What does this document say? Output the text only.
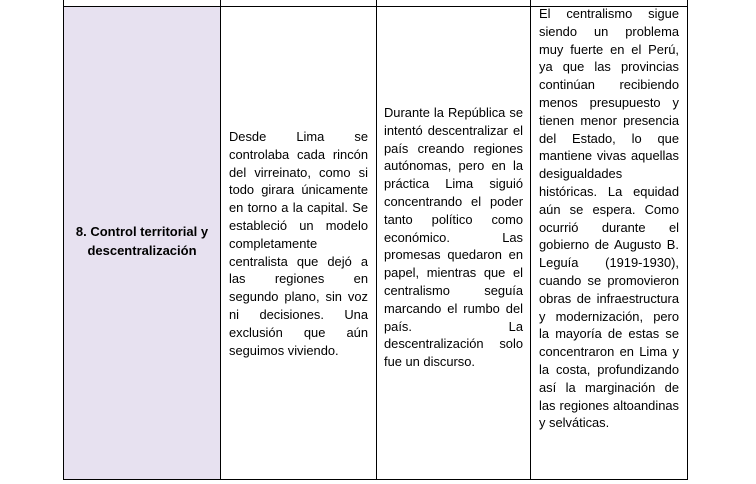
8. Control territorial y descentralización
Desde Lima se controlaba cada rincón del virreinato, como si todo girara únicamente en torno a la capital. Se estableció un modelo completamente centralista que dejó a las regiones en segundo plano, sin voz ni decisiones. Una exclusión que aún seguimos viviendo.
Durante la República se intentó descentralizar el país creando regiones autónomas, pero en la práctica Lima siguió concentrando el poder tanto político como económico. Las promesas quedaron en papel, mientras que el centralismo seguía marcando el rumbo del país. La descentralización solo fue un discurso.
El centralismo sigue siendo un problema muy fuerte en el Perú, ya que las provincias continúan recibiendo menos presupuesto y tienen menor presencia del Estado, lo que mantiene vivas aquellas desigualdades históricas. La equidad aún se espera. Como ocurrió durante el gobierno de Augusto B. Leguía (1919-1930), cuando se promovieron obras de infraestructura y modernización, pero la mayoría de estas se concentraron en Lima y la costa, profundizando así la marginación de las regiones altoandinas y selváticas.
